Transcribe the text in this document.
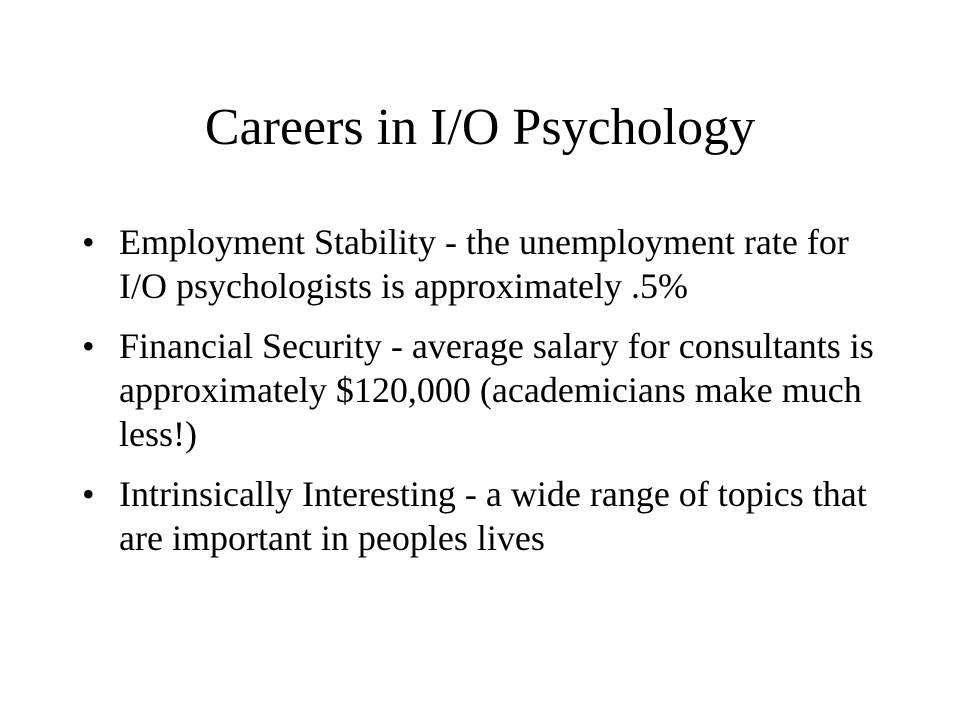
Careers in I/O Psychology
• Employment Stability - the unemployment rate for I/O psychologists is approximately .5%
• Financial Security - average salary for consultants is approximately $120,000 (academicians make much less!)
• Intrinsically Interesting - a wide range of topics that are important in peoples lives
